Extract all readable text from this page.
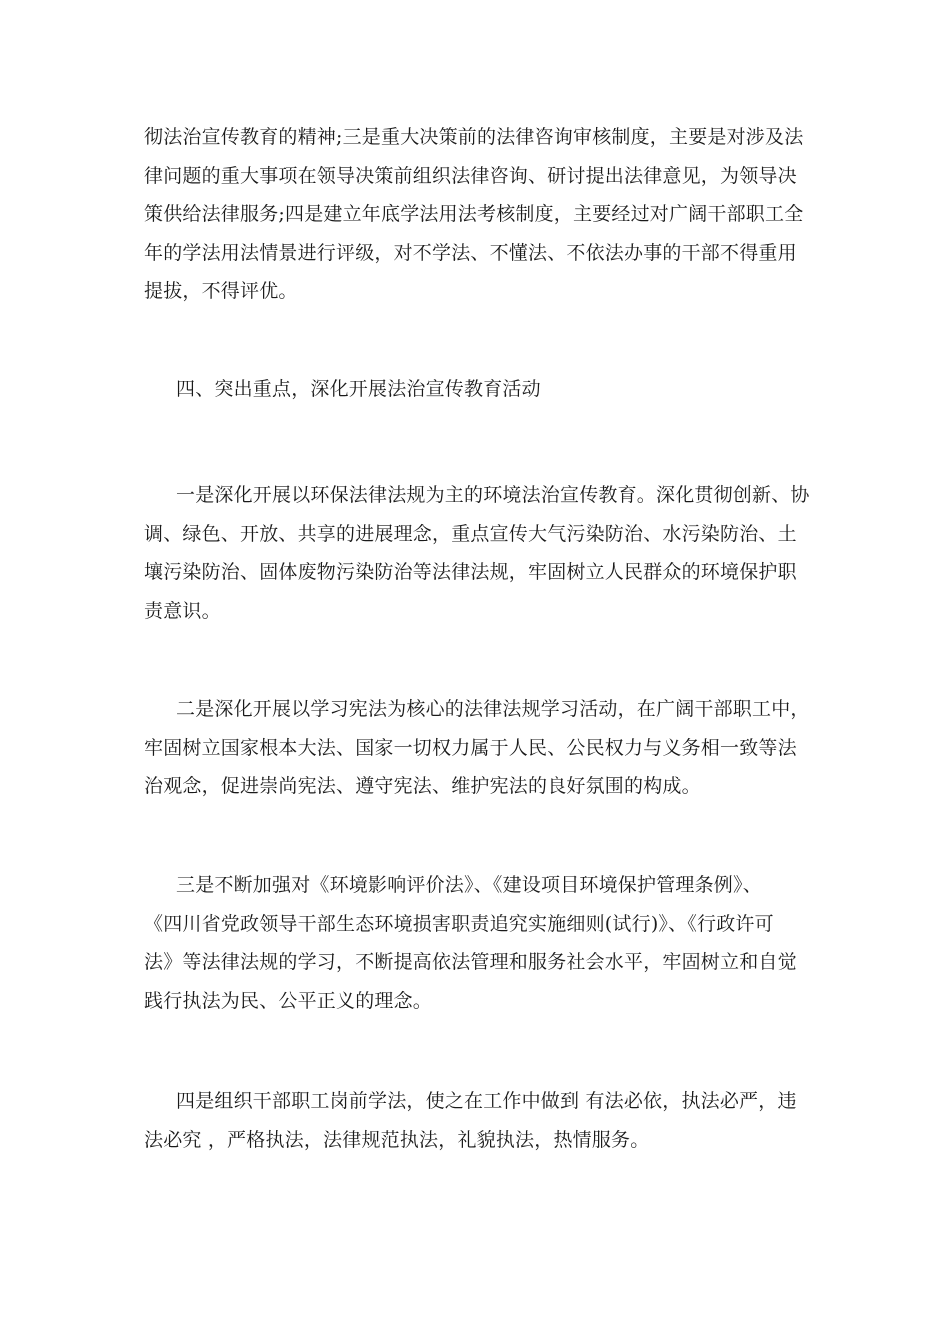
彻法治宣传教育的精神;三是重大决策前的法律咨询审核制度，主要是对涉及法
律问题的重大事项在领导决策前组织法律咨询、研讨提出法律意见，为领导决
策供给法律服务;四是建立年底学法用法考核制度，主要经过对广阔干部职工全
年的学法用法情景进行评级，对不学法、不懂法、不依法办事的干部不得重用
提拔，不得评优。
四、突出重点，深化开展法治宣传教育活动
一是深化开展以环保法律法规为主的环境法治宣传教育。深化贯彻创新、协
调、绿色、开放、共享的进展理念，重点宣传大气污染防治、水污染防治、土
壤污染防治、固体废物污染防治等法律法规，牢固树立人民群众的环境保护职
责意识。
二是深化开展以学习宪法为核心的法律法规学习活动，在广阔干部职工中，
牢固树立国家根本大法、国家一切权力属于人民、公民权力与义务相一致等法
治观念，促进崇尚宪法、遵守宪法、维护宪法的良好氛围的构成。
三是不断加强对《环境影响评价法》、《建设项目环境保护管理条例》、
《四川省党政领导干部生态环境损害职责追究实施细则(试行)》、《行政许可
法》等法律法规的学习，不断提高依法管理和服务社会水平，牢固树立和自觉
践行执法为民、公平正义的理念。
四是组织干部职工岗前学法，使之在工作中做到 有法必依，执法必严，违
法必究 ，严格执法，法律规范执法，礼貌执法，热情服务。
